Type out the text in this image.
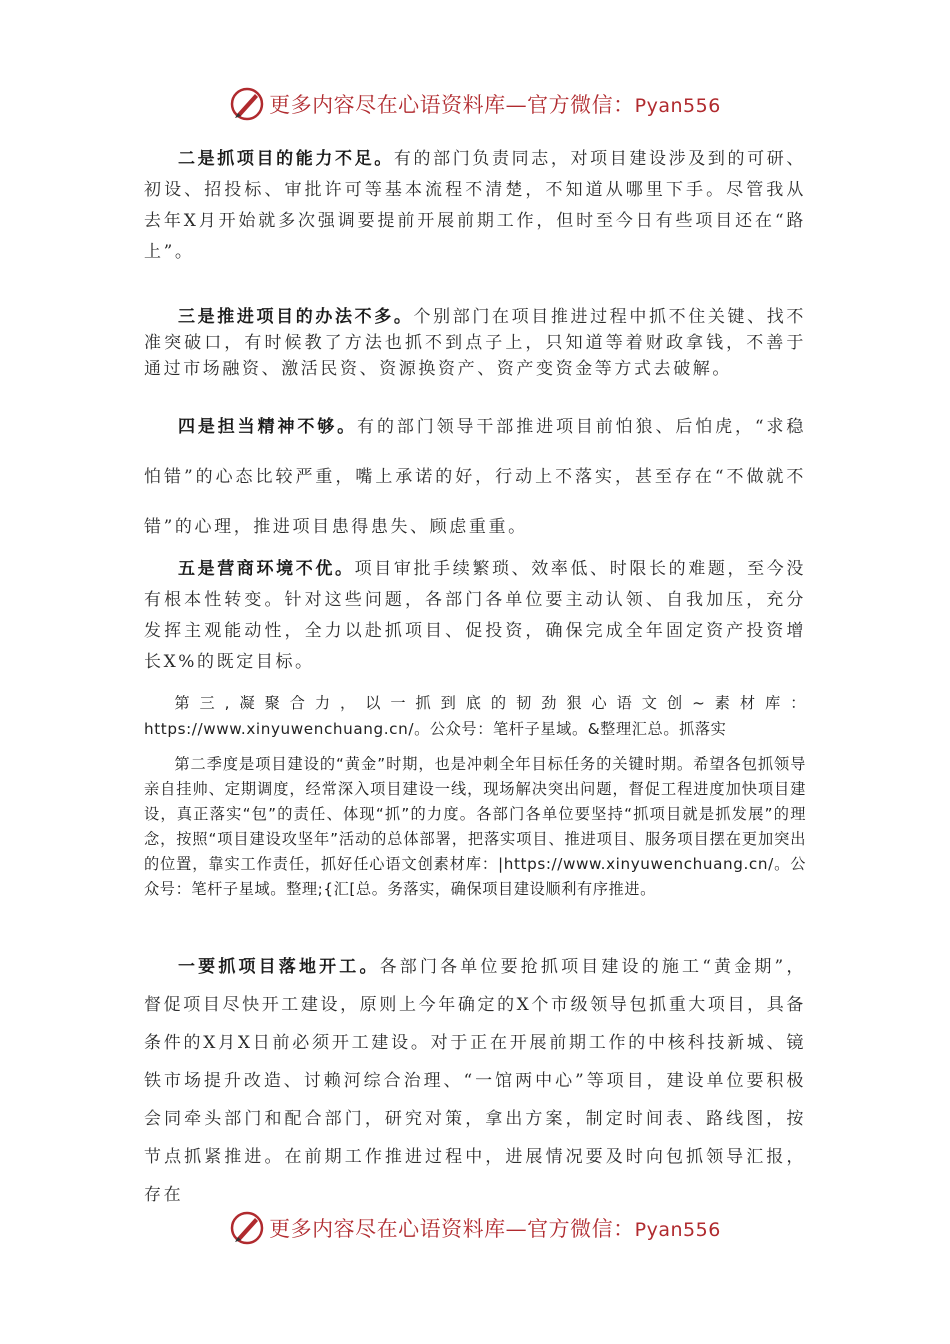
更多内容尽在心语资料库—官方微信：Pyan556

二是抓项目的能力不足。有的部门负责同志，对项目建设涉及到的可研、初设、招投标、审批许可等基本流程不清楚，不知道从哪里下手。尽管我从去年X月开始就多次强调要提前开展前期工作，但时至今日有些项目还在“路上”。

三是推进项目的办法不多。个别部门在项目推进过程中抓不住关键、找不准突破口，有时候教了方法也抓不到点子上，只知道等着财政拿钱，不善于通过市场融资、激活民资、资源换资产、资产变资金等方式去破解。

四是担当精神不够。有的部门领导干部推进项目前怕狼、后怕虎，“求稳怕错”的心态比较严重，嘴上承诺的好，行动上不落实，甚至存在“不做就不错”的心理，推进项目患得患失、顾虑重重。

五是营商环境不优。项目审批手续繁琐、效率低、时限长的难题，至今没有根本性转变。针对这些问题，各部门各单位要主动认领、自我加压，充分发挥主观能动性，全力以赴抓项目、促投资，确保完成全年固定资产投资增长X%的既定目标。

第三,凝聚合力，以一抓到底的韧劲狠心语文创~素材库：https://www.xinyuwenchuang.cn/。公众号：笔杆子星域。&整理汇总。抓落实

第二季度是项目建设的“黄金”时期，也是冲刺全年目标任务的关键时期。希望各包抓领导亲自挂帅、定期调度，经常深入项目建设一线，现场解决突出问题，督促工程进度加快项目建设，真正落实“包”的责任、体现“抓”的力度。各部门各单位要坚持“抓项目就是抓发展”的理念，按照“项目建设攻坚年”活动的总体部署，把落实项目、推进项目、服务项目摆在更加突出的位置，靠实工作责任，抓好任心语文创素材库：|https://www.xinyuwenchuang.cn/。公众号：笔杆子星域。整理;{汇[总。务落实，确保项目建设顺利有序推进。

一要抓项目落地开工。各部门各单位要抢抓项目建设的施工“黄金期”，督促项目尽快开工建设，原则上今年确定的X个市级领导包抓重大项目，具备条件的X月X日前必须开工建设。对于正在开展前期工作的中核科技新城、镜铁市场提升改造、讨赖河综合治理、“一馆两中心”等项目，建设单位要积极会同牵头部门和配合部门，研究对策，拿出方案，制定时间表、路线图，按节点抓紧推进。在前期工作推进过程中，进展情况要及时向包抓领导汇报，存在

更多内容尽在心语资料库—官方微信：Pyan556
